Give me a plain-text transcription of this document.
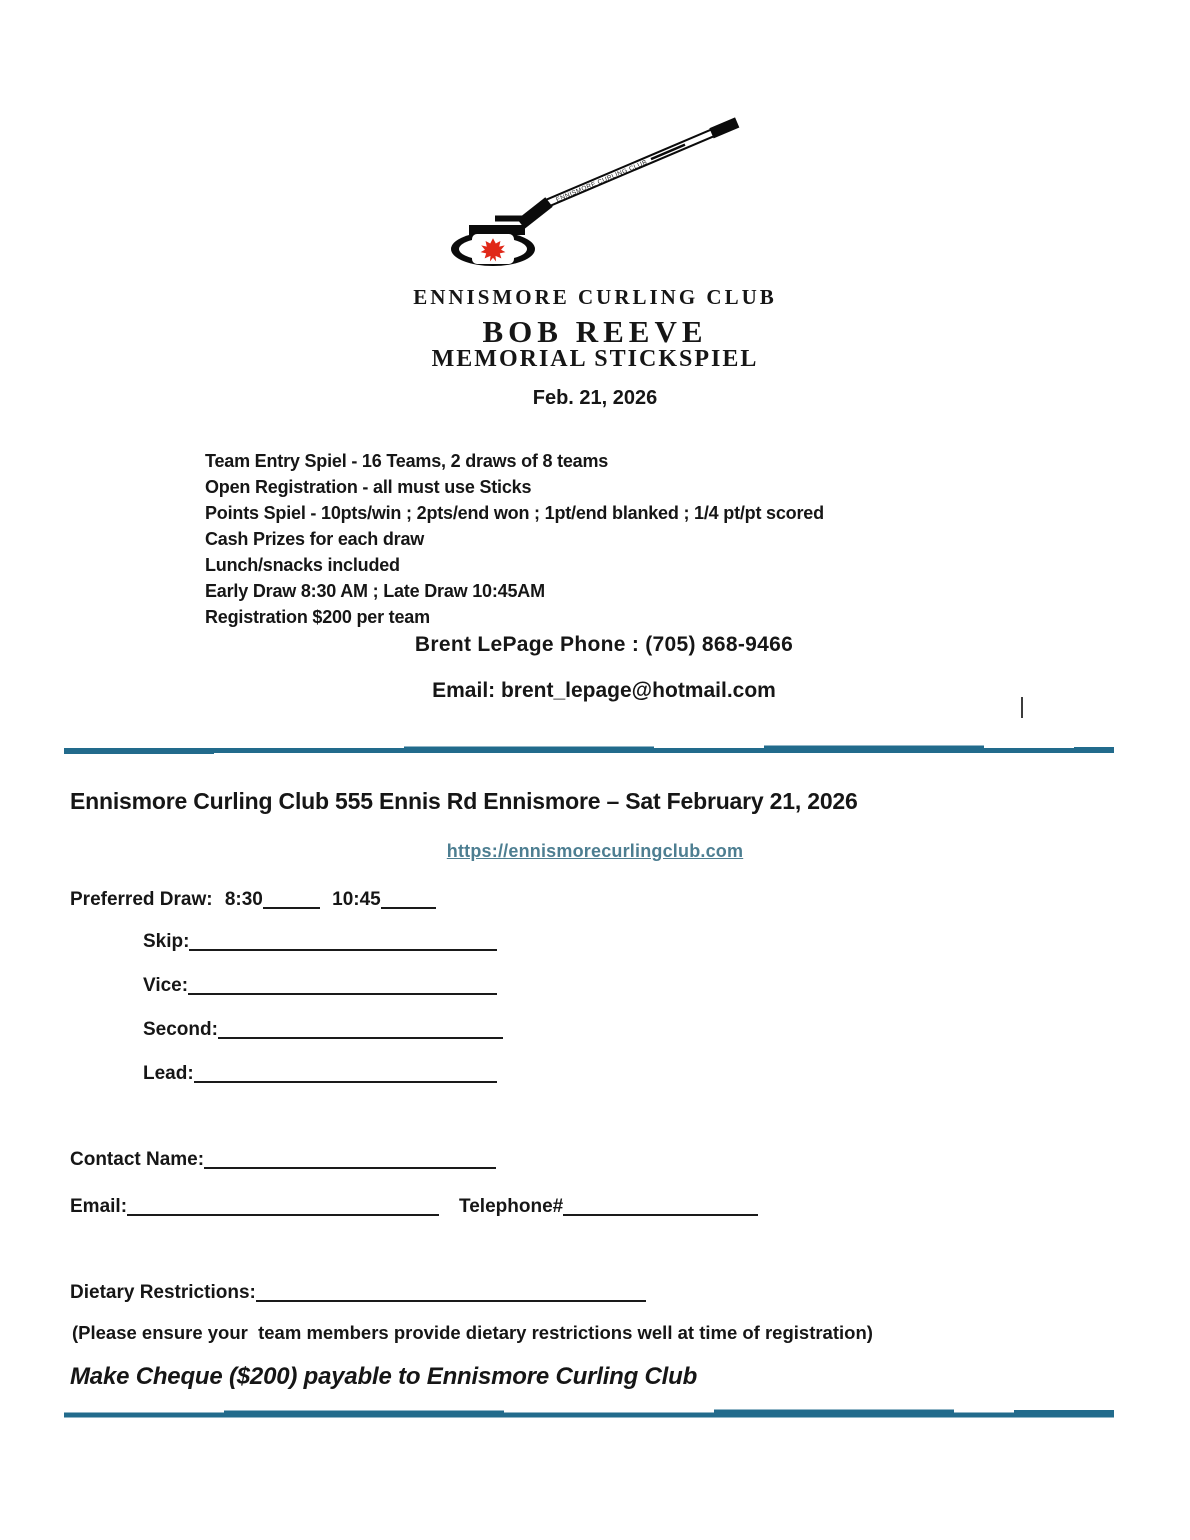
ENNISMORE CURLING CLUB
ENNISMORE CURLING CLUB
BOB REEVE
MEMORIAL STICKSPIEL
Feb. 21, 2026
Team Entry Spiel - 16 Teams, 2 draws of 8 teams
Open Registration - all must use Sticks
Points Spiel - 10pts/win ; 2pts/end won ; 1pt/end blanked ; 1/4 pt/pt scored
Cash Prizes for each draw
Lunch/snacks included
Early Draw 8:30 AM ; Late Draw 10:45AM
Registration $200 per team
Brent LePage Phone : (705) 868-9466
Email: brent_lepage@hotmail.com
Ennismore Curling Club 555 Ennis Rd Ennismore – Sat February 21, 2026
https://ennismorecurlingclub.com
Preferred Draw: 8:30	10:45
Skip:
Vice:
Second:
Lead:
Contact Name:
Email:	Telephone#
Dietary Restrictions:
(Please ensure your  team members provide dietary restrictions well at time of registration)
Make Cheque ($200) payable to Ennismore Curling Club
